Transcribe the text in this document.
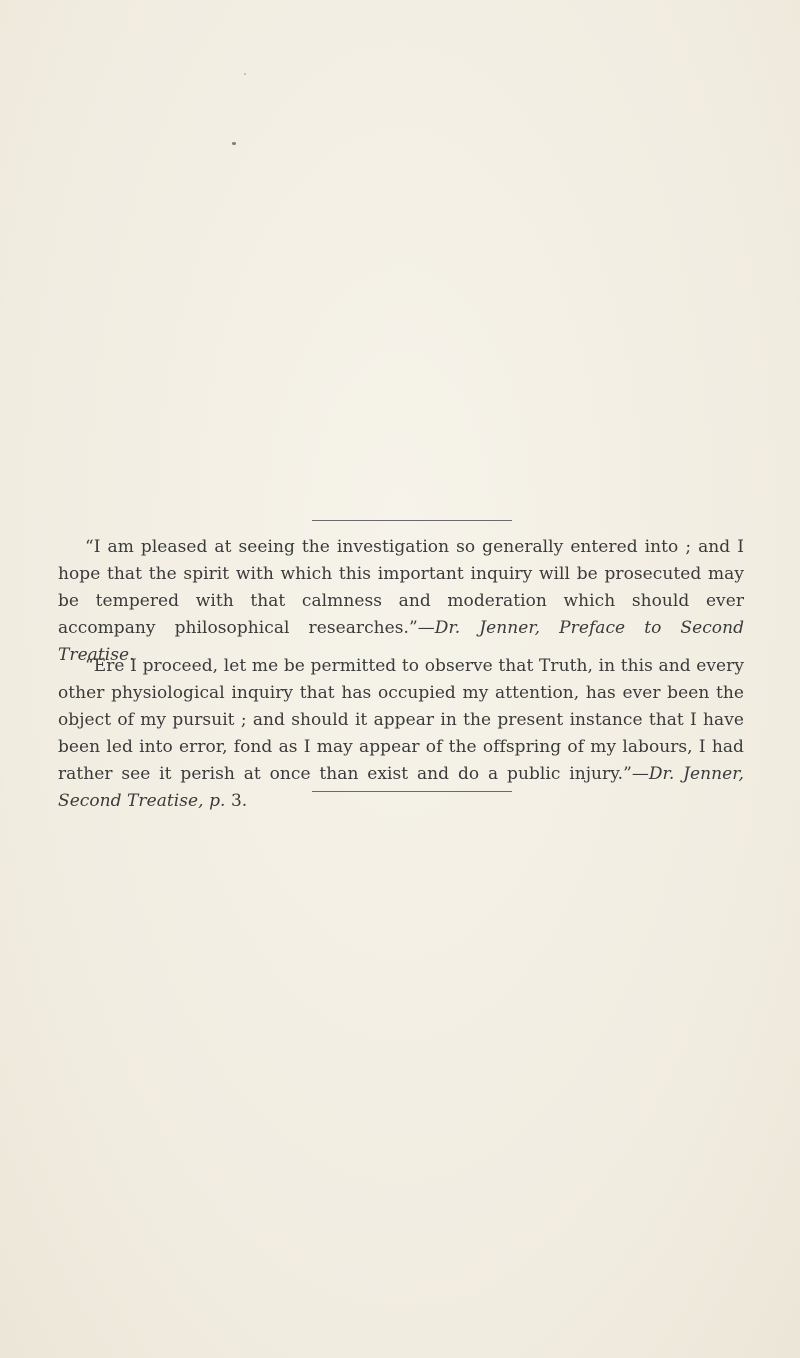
“I am pleased at seeing the investigation so generally entered into ; and I hope that the spirit with which this important inquiry will be prosecuted may be tempered with that calmness and moderation which should ever accompany philosophical researches.”—Dr. Jenner, Preface to Second Treatise.

“Ere I proceed, let me be permitted to observe that Truth, in this and every other physiological inquiry that has occupied my attention, has ever been the object of my pursuit ; and should it appear in the present instance that I have been led into error, fond as I may appear of the offspring of my labours, I had rather see it perish at once than exist and do a public injury.”—Dr. Jenner, Second Treatise, p. 3.
